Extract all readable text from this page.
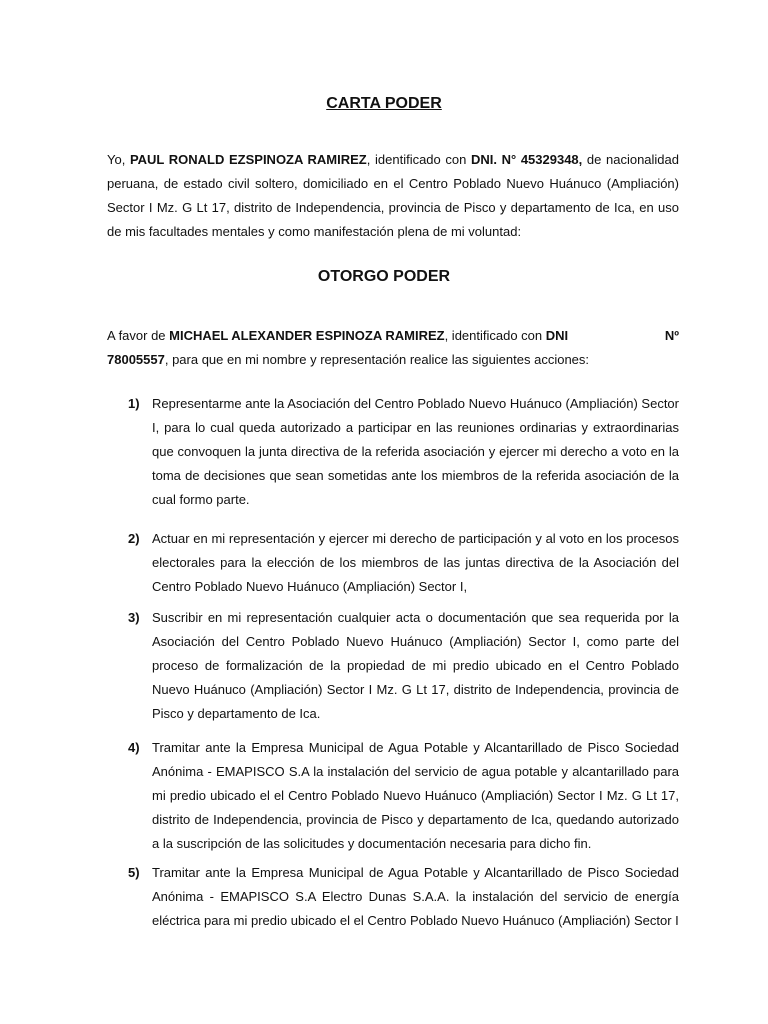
CARTA PODER
Yo, PAUL RONALD EZSPINOZA RAMIREZ, identificado con DNI. N° 45329348, de nacionalidad peruana, de estado civil soltero, domiciliado en el Centro Poblado Nuevo Huánuco (Ampliación) Sector I Mz. G Lt 17, distrito de Independencia, provincia de Pisco y departamento de Ica, en uso de mis facultades mentales y como manifestación plena de mi voluntad:
OTORGO PODER
Nº
A favor de MICHAEL ALEXANDER ESPINOZA RAMIREZ, identificado con DNI
78005557, para que en mi nombre y representación realice las siguientes acciones:
1) Representarme ante la Asociación del Centro Poblado Nuevo Huánuco (Ampliación) Sector I, para lo cual queda autorizado a participar en las reuniones ordinarias y extraordinarias que convoquen la junta directiva de la referida asociación y ejercer mi derecho a voto en la toma de decisiones que sean sometidas ante los miembros de la referida asociación de la cual formo parte.
2) Actuar en mi representación y ejercer mi derecho de participación y al voto en los procesos electorales para la elección de los miembros de las juntas directiva de la Asociación del Centro Poblado Nuevo Huánuco (Ampliación) Sector I,
3) Suscribir en mi representación cualquier acta o documentación que sea requerida por la Asociación del Centro Poblado Nuevo Huánuco (Ampliación) Sector I, como parte del proceso de formalización de la propiedad de mi predio ubicado en el Centro Poblado Nuevo Huánuco (Ampliación) Sector I Mz. G Lt 17, distrito de Independencia, provincia de Pisco y departamento de Ica.
4) Tramitar ante la Empresa Municipal de Agua Potable y Alcantarillado de Pisco Sociedad Anónima - EMAPISCO S.A la instalación del servicio de agua potable y alcantarillado para mi predio ubicado el el Centro Poblado Nuevo Huánuco (Ampliación) Sector I Mz. G Lt 17, distrito de Independencia, provincia de Pisco y departamento de Ica, quedando autorizado a la suscripción de las solicitudes y documentación necesaria para dicho fin.
5) Tramitar ante la Empresa Municipal de Agua Potable y Alcantarillado de Pisco Sociedad Anónima - EMAPISCO S.A Electro Dunas S.A.A. la instalación del servicio de energía eléctrica para mi predio ubicado el el Centro Poblado Nuevo Huánuco (Ampliación) Sector I
